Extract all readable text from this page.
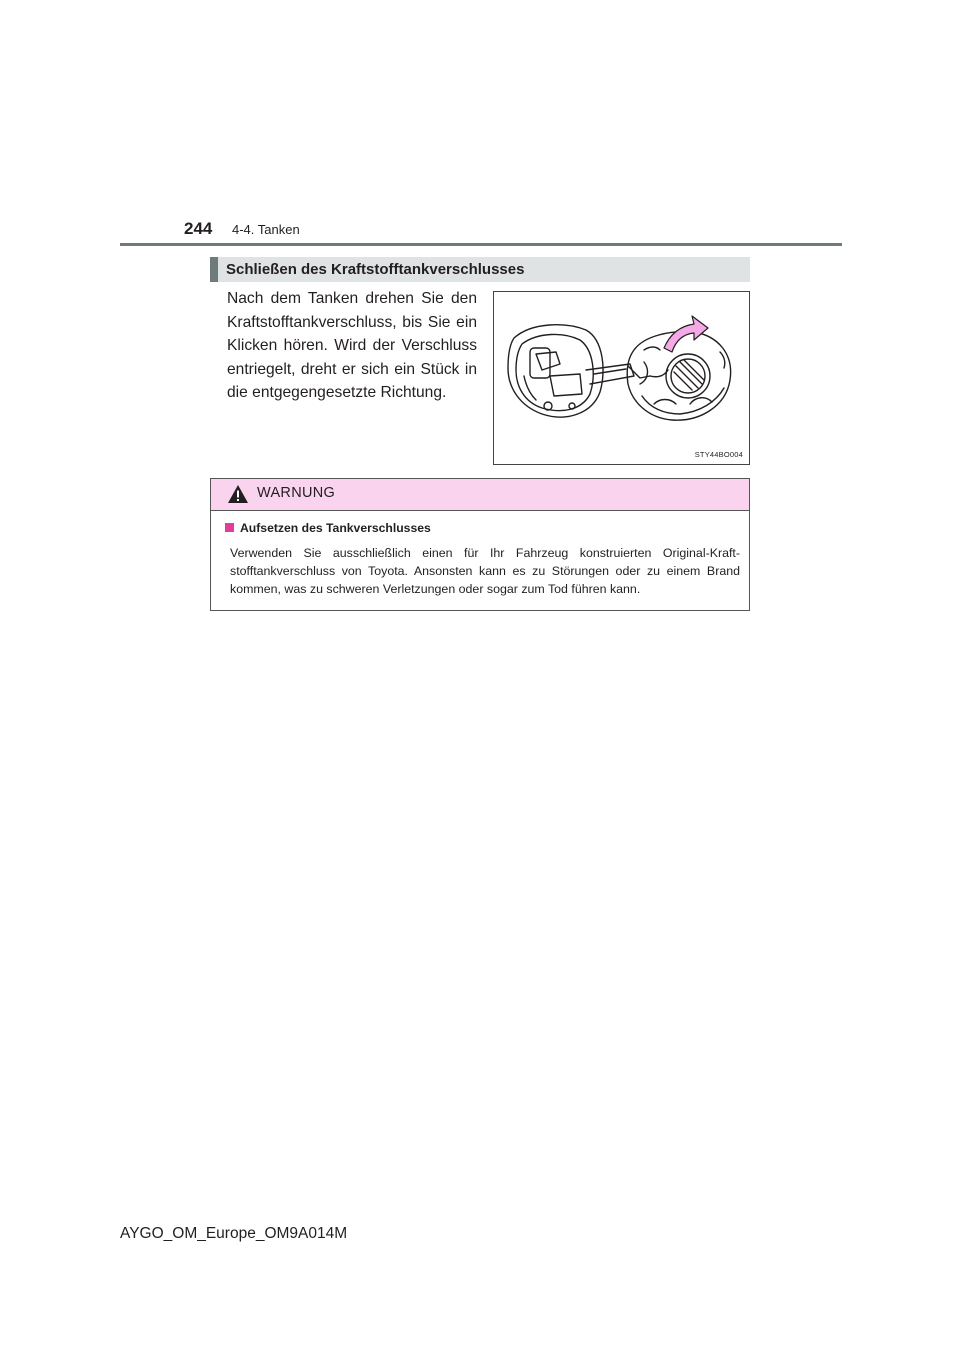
244 4-4. Tanken
Schließen des Kraftstofftankverschlusses

Nach dem Tanken drehen Sie den Kraftstofftankverschluss, bis Sie ein Klicken hören. Wird der Verschluss entriegelt, dreht er sich ein Stück in die entgegengesetzte Richtung.

STY44BO004
WARNUNG
Aufsetzen des Tankverschlusses

Verwenden Sie ausschließlich einen für Ihr Fahrzeug konstruierten Original-Kraft-stofftankverschluss von Toyota. Ansonsten kann es zu Störungen oder zu einem Brand kommen, was zu schweren Verletzungen oder sogar zum Tod führen kann.

AYGO_OM_Europe_OM9A014M
